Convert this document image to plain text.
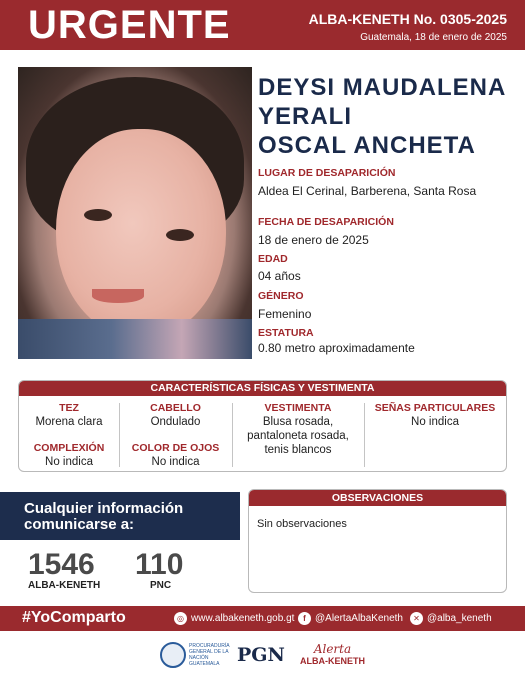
URGENTE	ALBA-KENETH No. 0305-2025
Guatemala, 18 de enero de 2025
DEYSI MAUDALENA
YERALI
OSCAL ANCHETA
LUGAR DE DESAPARICIÓN
Aldea El Cerinal, Barberena, Santa Rosa
FECHA DE DESAPARICIÓN
18 de enero de 2025
EDAD
04 años
GÉNERO
Femenino
ESTATURA
0.80 metro aproximadamente
CARACTERÍSTICAS FÍSICAS Y VESTIMENTA
TEZ
Morena clara
COMPLEXIÓN
No indica
CABELLO
Ondulado
COLOR DE OJOS
No indica
VESTIMENTA
Blusa rosada,
pantaloneta rosada,
tenis blancos
SEÑAS PARTICULARES
No indica
Cualquier información
comunicarse a:
1546
ALBA-KENETH
110
PNC
OBSERVACIONES
Sin observaciones
#YoComparto	◎ www.albakeneth.gob.gt	f @AlertaAlbaKeneth	✕ @alba_keneth
PROCURADURÍA GENERAL DE LA NACIÓN GUATEMALA PGN Alerta
ALBA-KENETH
